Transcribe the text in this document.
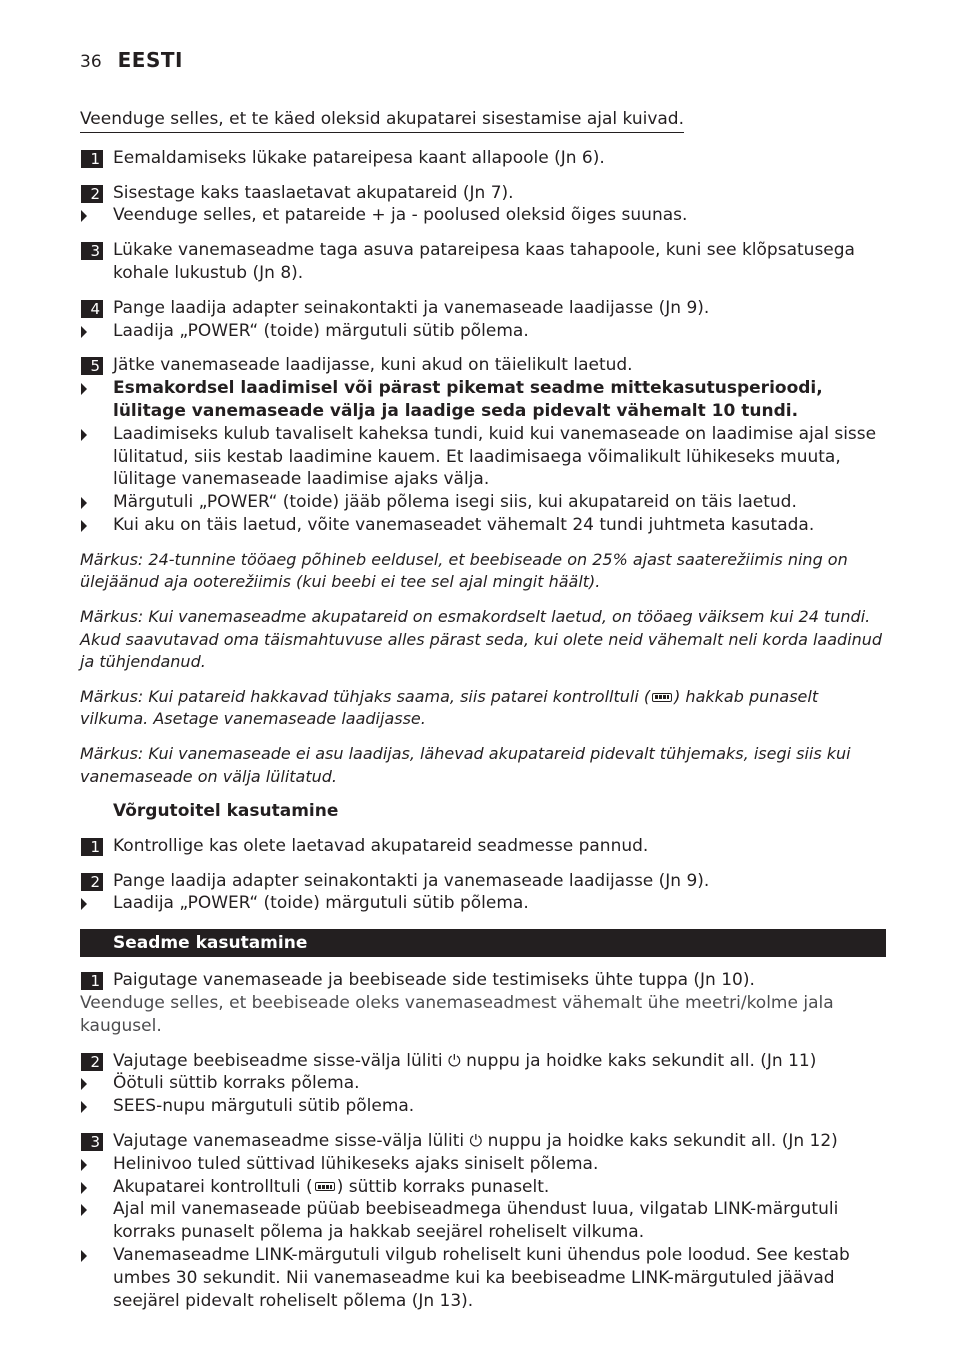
36 EESTI
Veenduge selles, et te käed oleksid akupatarei sisestamise ajal kuivad.
1 Eemaldamiseks lükake patareipesa kaant allapoole (Jn 6).
2 Sisestage kaks taaslaetavat akupatareid (Jn 7).
Veenduge selles, et patareide + ja - poolused oleksid õiges suunas.
3 Lükake vanemaseadme taga asuva patareipesa kaas tahapoole, kuni see klõpsatusega kohale lukustub (Jn 8).
4 Pange laadija adapter seinakontakti ja vanemaseade laadijasse (Jn 9).
Laadija „POWER“ (toide) märgutuli sütib põlema.
5 Jätke vanemaseade laadijasse, kuni akud on täielikult laetud.
Esmakordsel laadimisel või pärast pikemat seadme mittekasutusperioodi, lülitage vanemaseade välja ja laadige seda pidevalt vähemalt 10 tundi.
Laadimiseks kulub tavaliselt kaheksa tundi, kuid kui vanemaseade on laadimise ajal sisse lülitatud, siis kestab laadimine kauem. Et laadimisaega võimalikult lühikeseks muuta, lülitage vanemaseade laadimise ajaks välja.
Märgutuli „POWER“ (toide) jääb põlema isegi siis, kui akupatareid on täis laetud.
Kui aku on täis laetud, võite vanemaseadet vähemalt 24 tundi juhtmeta kasutada.
Märkus: 24-tunnine tööaeg põhineb eeldusel, et beebiseade on 25% ajast saaterežiimis ning on ülejäänud aja ooterežiimis (kui beebi ei tee sel ajal mingit häält).
Märkus: Kui vanemaseadme akupatareid on esmakordselt laetud, on tööaeg väiksem kui 24 tundi. Akud saavutavad oma täismahtuvuse alles pärast seda, kui olete neid vähemalt neli korda laadinud ja tühjendanud.
Märkus: Kui patareid hakkavad tühjaks saama, siis patarei kontrolltuli ( ) hakkab punaselt vilkuma. Asetage vanemaseade laadijasse.
Märkus: Kui vanemaseade ei asu laadijas, lähevad akupatareid pidevalt tühjemaks, isegi siis kui vanemaseade on välja lülitatud.
Võrgutoitel kasutamine
1 Kontrollige kas olete laetavad akupatareid seadmesse pannud.
2 Pange laadija adapter seinakontakti ja vanemaseade laadijasse (Jn 9).
Laadija „POWER“ (toide) märgutuli sütib põlema.
Seadme kasutamine
1 Paigutage vanemaseade ja beebiseade side testimiseks ühte tuppa (Jn 10).
Veenduge selles, et beebiseade oleks vanemaseadmest vähemalt ühe meetri/kolme jala kaugusel.
2 Vajutage beebiseadme sisse-välja lüliti ⏻ nuppu ja hoidke kaks sekundit all. (Jn 11)
Öötuli süttib korraks põlema.
SEES-nupu märgutuli sütib põlema.
3 Vajutage vanemaseadme sisse-välja lüliti ⏻ nuppu ja hoidke kaks sekundit all. (Jn 12)
Helinivoo tuled süttivad lühikeseks ajaks siniselt põlema.
Akupatarei kontrolltuli ( ) süttib korraks punaselt.
Ajal mil vanemaseade püüab beebiseadmega ühendust luua, vilgatab LINK-märgutuli korraks punaselt põlema ja hakkab seejärel roheliselt vilkuma.
Vanemaseadme LINK-märgutuli vilgub roheliselt kuni ühendus pole loodud. See kestab umbes 30 sekundit. Nii vanemaseadme kui ka beebiseadme LINK-märgutuled jäävad seejärel pidevalt roheliselt põlema (Jn 13).
